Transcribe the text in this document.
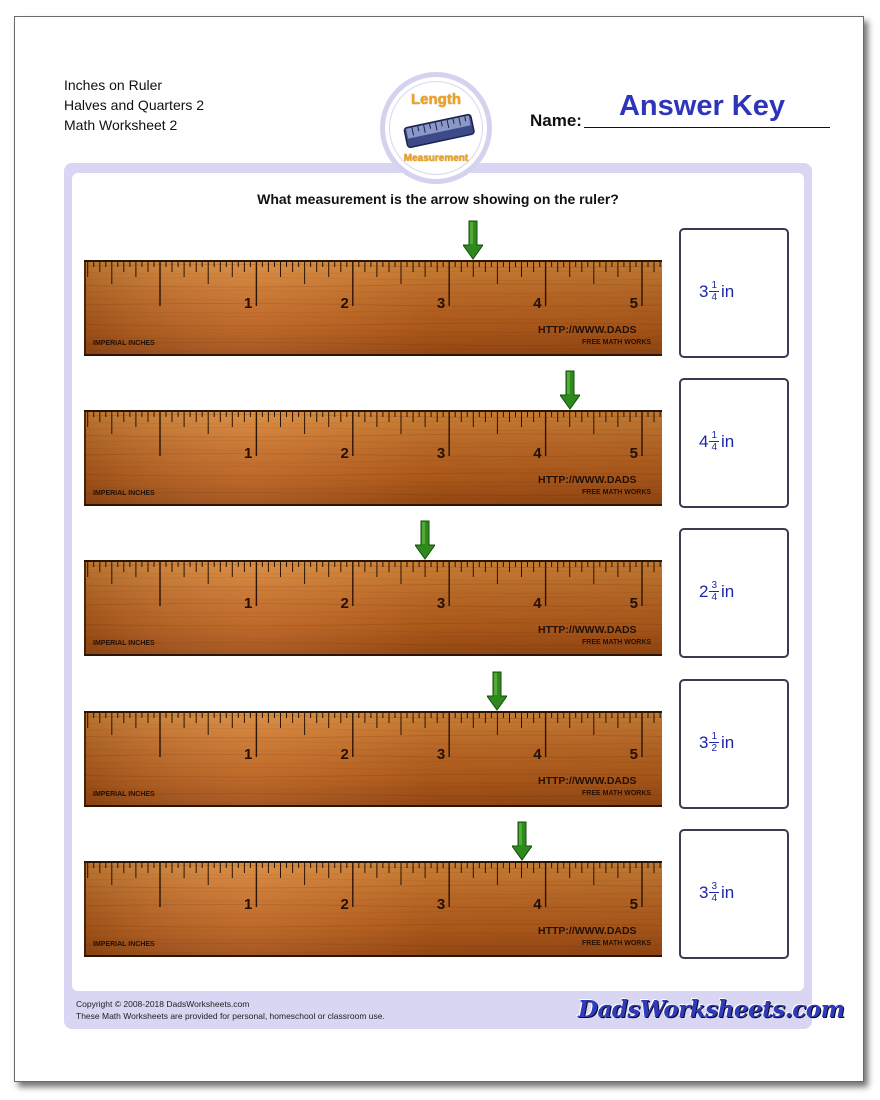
Inches on Ruler
Halves and Quarters 2
Math Worksheet 2
Length
Measurement
Name:	Answer Key
What measurement is the arrow showing on the ruler?
1	2	3	4	5
IMPERIAL INCHES
HTTP://WWW.DADS
FREE MATH WORKS
$3 \frac{1}{4}$ in
1	2	3	4	5
IMPERIAL INCHES
HTTP://WWW.DADS
FREE MATH WORKS
$4 \frac{1}{4}$ in
1	2	3	4	5
IMPERIAL INCHES
HTTP://WWW.DADS
FREE MATH WORKS
$2 \frac{3}{4}$ in
1	2	3	4	5
IMPERIAL INCHES
HTTP://WWW.DADS
FREE MATH WORKS
$3 \frac{1}{2}$ in
1	2	3	4	5
IMPERIAL INCHES
HTTP://WWW.DADS
FREE MATH WORKS
$3 \frac{3}{4}$ in
Copyright © 2008-2018 DadsWorksheets.com
These Math Worksheets are provided for personal, homeschool or classroom use.	DadsWorksheets.com
